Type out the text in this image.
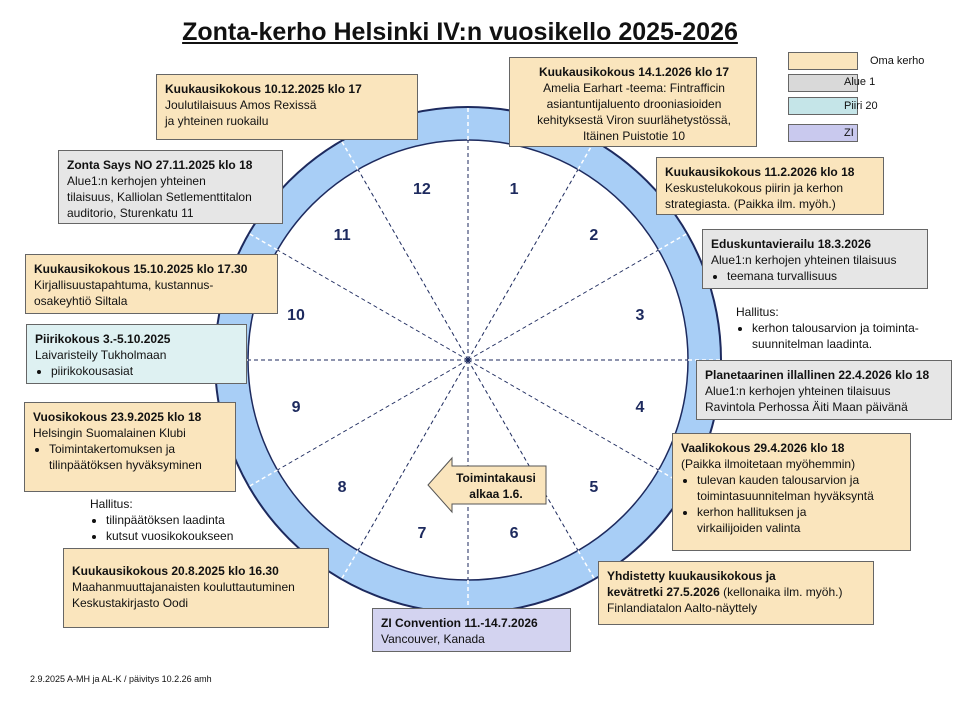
Zonta-kerho Helsinki IV:n vuosikello 2025-2026
1
2
3
4
5
6
7
8
9
10
11
12
Toimintakausi alkaa 1.6.
Oma kerho
Alue 1
Piiri 20
ZI
Kuukausikokous 10.12.2025 klo 17
Joulutilaisuus Amos Rexissä
ja yhteinen ruokailu
Kuukausikokous 14.1.2026 klo 17
Amelia Earhart -teema: Fintrafficin
asiantuntijaluento drooniasioiden
kehityksestä Viron suurlähetystössä,
Itäinen Puistotie 10
Zonta Says NO 27.11.2025 klo 18
Alue1:n kerhojen yhteinen
tilaisuus, Kalliolan Setlementtitalon
auditorio, Sturenkatu 11
Kuukausikokous 11.2.2026 klo 18
Keskustelukokous piirin ja kerhon
strategiasta. (Paikka ilm. myöh.)
Eduskuntavierailu 18.3.2026
Alue1:n kerhojen yhteinen tilaisuus
• teemana turvallisuus
Kuukausikokous 15.10.2025 klo 17.30
Kirjallisuustapahtuma, kustannus-
osakeyhtiö Siltala
Hallitus:
• kerhon talousarvion ja toiminta-
suunnitelman laadinta.
Piirikokous 3.-5.10.2025
Laivaristeily Tukholmaan
• piirikokousasiat	Planetaarinen illallinen 22.4.2026 klo 18
Alue1:n kerhojen yhteinen tilaisuus
Ravintola Perhossa Äiti Maan päivänä
Vuosikokous 23.9.2025 klo 18
Helsingin Suomalainen Klubi
• Toimintakertomuksen ja
tilinpäätöksen hyväksyminen
Vaalikokous 29.4.2026 klo 18
(Paikka ilmoitetaan myöhemmin)
• tulevan kauden talousarvion ja
toimintasuunnitelman hyväksyntä
• kerhon hallituksen ja
virkailijoiden valinta
Hallitus:
• tilinpäätöksen laadinta
• kutsut vuosikokoukseen
Kuukausikokous 20.8.2025 klo 16.30
Maahanmuuttajanaisten kouluttautuminen
Keskustakirjasto Oodi
Yhdistetty kuukausikokous ja
kevätretki 27.5.2026 (kellonaika ilm. myöh.)
Finlandiatalon Aalto-näyttely
ZI Convention 11.-14.7.2026
Vancouver, Kanada
2.9.2025 A-MH ja AL-K / päivitys 10.2.26 amh
